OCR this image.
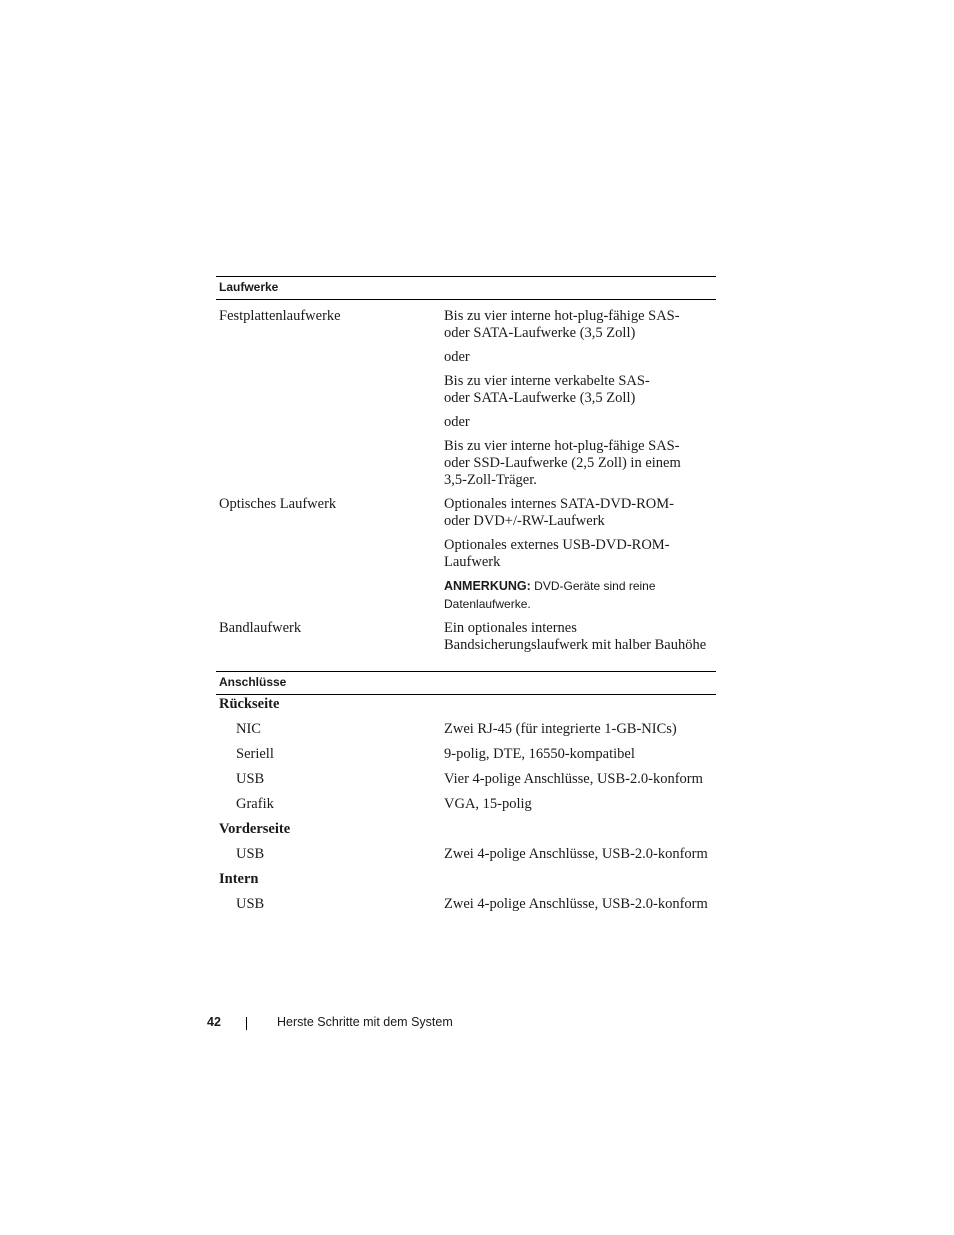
Laufwerke
Festplattenlaufwerke	Bis zu vier interne hot-plug-fähige SAS-
oder SATA-Laufwerke (3,5 Zoll)
oder
Bis zu vier interne verkabelte SAS-
oder SATA-Laufwerke (3,5 Zoll)
oder
Bis zu vier interne hot-plug-fähige SAS-
oder SSD-Laufwerke (2,5 Zoll) in einem
3,5-Zoll-Träger.
Optisches Laufwerk	Optionales internes SATA-DVD-ROM-
oder DVD+/-RW-Laufwerk
Optionales externes USB-DVD-ROM-
Laufwerk
ANMERKUNG: DVD-Geräte sind reine
Datenlaufwerke.
Bandlaufwerk	Ein optionales internes
Bandsicherungslaufwerk mit halber Bauhöhe
Anschlüsse
Rückseite
NIC	Zwei RJ-45 (für integrierte 1-GB-NICs)
Seriell	9-polig, DTE, 16550-kompatibel
USB	Vier 4-polige Anschlüsse, USB-2.0-konform
Grafik	VGA, 15-polig
Vorderseite
USB	Zwei 4-polige Anschlüsse, USB-2.0-konform
Intern
USB	Zwei 4-polige Anschlüsse, USB-2.0-konform
42	Herste Schritte mit dem System
